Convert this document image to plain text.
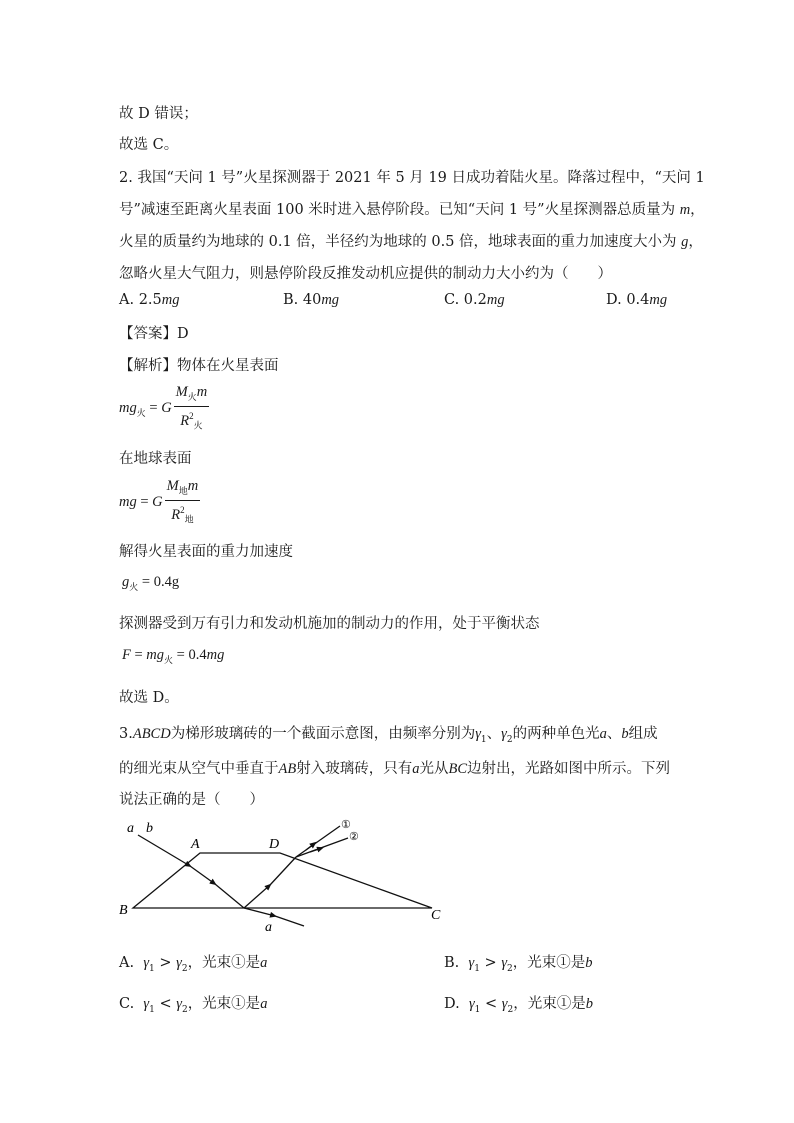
故 D 错误；
故选 C。
2. 我国“天问 1 号”火星探测器于 2021 年 5 月 19 日成功着陆火星。降落过程中，“天问 1
号”减速至距离火星表面 100 米时进入悬停阶段。已知“天问 1 号”火星探测器总质量为 m，
火星的质量约为地球的 0.1 倍，半径约为地球的 0.5 倍，地球表面的重力加速度大小为 g，
忽略火星大气阻力，则悬停阶段反推发动机应提供的制动力大小约为（　　）
A. 2.5mg	B. 40mg	C. 0.2mg	D. 0.4mg
【答案】D
【解析】物体在火星表面
$mg_火 = G \frac{M_火m}{R^2_火}$
在地球表面
mg = G $\frac{M_地m}{R^2_地}$
解得火星表面的重力加速度
$g_火 = 0.4g$
探测器受到万有引力和发动机施加的制动力的作用，处于平衡状态
$F = mg_火 = 0.4mg$
故选 D。
3.ABCD为梯形玻璃砖的一个截面示意图，由频率分别为$\gamma_1$、$\gamma_2$的两种单色光a、b组成
的细光束从空气中垂直于AB射入玻璃砖，只有a光从BC边射出，光路如图中所示。下列
说法正确的是（　　）
a b
A	D
B	C
a
①
②
A. $\gamma_1 > \gamma_2$，光束①是a	B. $\gamma_1 > \gamma_2$，光束①是b
C. $\gamma_1 < \gamma_2$，光束①是a	D. $\gamma_1 < \gamma_2$，光束①是b
